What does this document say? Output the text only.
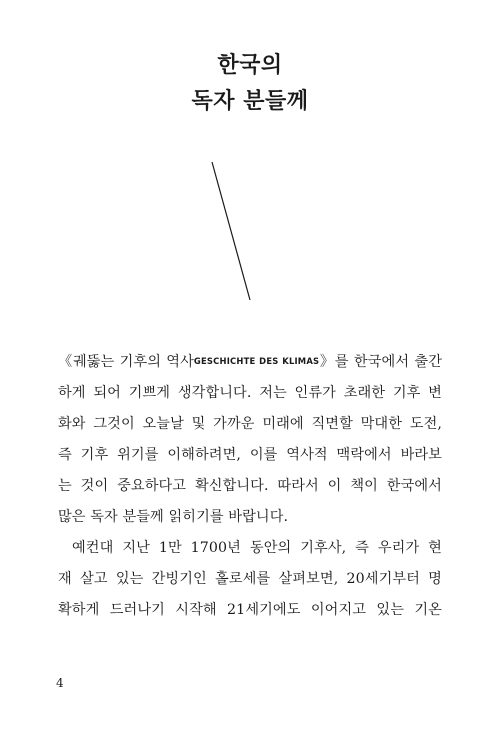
한국의
독자 분들께
《궤뚫는 기후의 역사GESCHICHTE DES KLIMAS》를 한국에서 출간
하게 되어 기쁘게 생각합니다. 저는 인류가 초래한 기후 변
화와 그것이 오늘날 및 가까운 미래에 직면할 막대한 도전,
즉 기후 위기를 이해하려면, 이를 역사적 맥락에서 바라보
는 것이 중요하다고 확신합니다. 따라서 이 책이 한국에서
많은 독자 분들께 읽히기를 바랍니다.
예컨대 지난 1만 1700년 동안의 기후사, 즉 우리가 현
재 살고 있는 간빙기인 홀로세를 살펴보면, 20세기부터 명
확하게 드러나기 시작해 21세기에도 이어지고 있는 기온
4
